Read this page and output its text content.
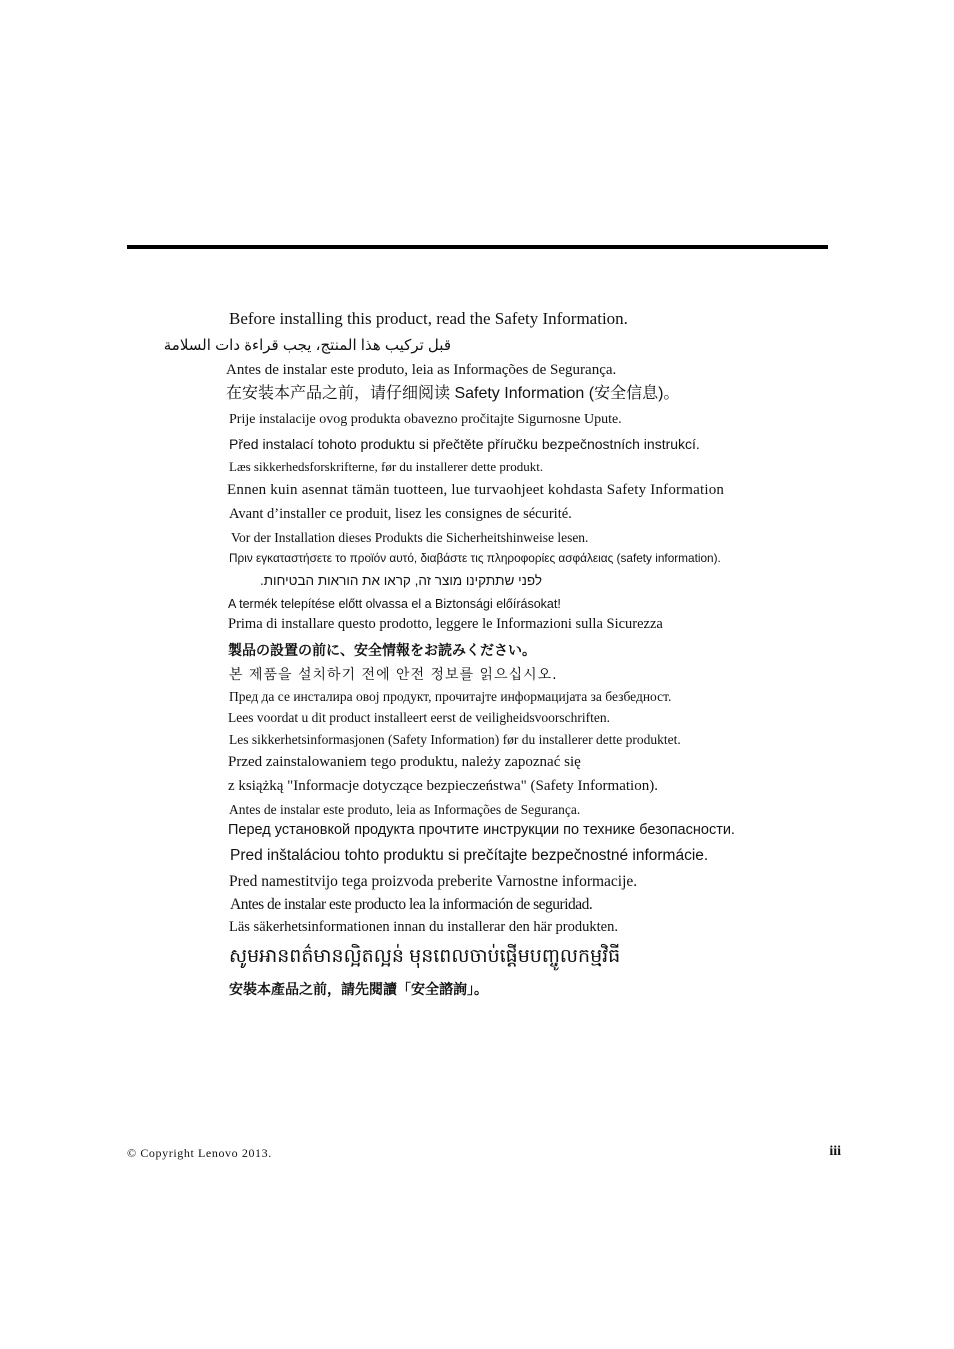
Before installing this product, read the Safety Information.
قبل تركيب هذا المنتج، يجب قراءة دات السلامة
Antes de instalar este produto, leia as Informações de Segurança.
在安装本产品之前，请仔细阅读 Safety Information (安全信息)。
Prije instalacije ovog produkta obavezno pročitajte Sigurnosne Upute.
Před instalací tohoto produktu si přečtěte příručku bezpečnostních instrukcí.
Læs sikkerhedsforskrifterne, før du installerer dette produkt.
Ennen kuin asennat tämän tuotteen, lue turvaohjeet kohdasta Safety Information
Avant d’installer ce produit, lisez les consignes de sécurité.
Vor der Installation dieses Produkts die Sicherheitshinweise lesen.
Πριν εγκαταστήσετε το προϊόν αυτό, διαβάστε τις πληροφορίες ασφάλειας (safety information).
לפני שתתקינו מוצר זה, קראו את הוראות הבטיחות.
A termék telepítése előtt olvassa el a Biztonsági előírásokat!
Prima di installare questo prodotto, leggere le Informazioni sulla Sicurezza
製品の設置の前に、安全情報をお読みください。
본 제품을 설치하기 전에 안전 정보를 읽으십시오.
Пред да се инсталира овој продукт, прочитајте информацијата за безбедност.
Lees voordat u dit product installeert eerst de veiligheidsvoorschriften.
Les sikkerhetsinformasjonen (Safety Information) før du installerer dette produktet.
Przed zainstalowaniem tego produktu, należy zapoznać się
z książką "Informacje dotyczące bezpieczeństwa" (Safety Information).
Antes de instalar este produto, leia as Informações de Segurança.
Перед установкой продукта прочтите инструкции по технике безопасности.
Pred inštaláciou tohto produktu si prečítajte bezpečnostné informácie.
Pred namestitvijo tega proizvoda preberite Varnostne informacije.
Antes de instalar este producto lea la información de seguridad.
Läs säkerhetsinformationen innan du installerar den här produkten.
សូមអានពត៌មានល្អិតល្អន់ មុនពេលចាប់ផ្តើមបញ្ចូលកម្មវិធី
安裝本產品之前，請先閱讀「安全諮詢」。
© Copyright Lenovo 2013.	iii
